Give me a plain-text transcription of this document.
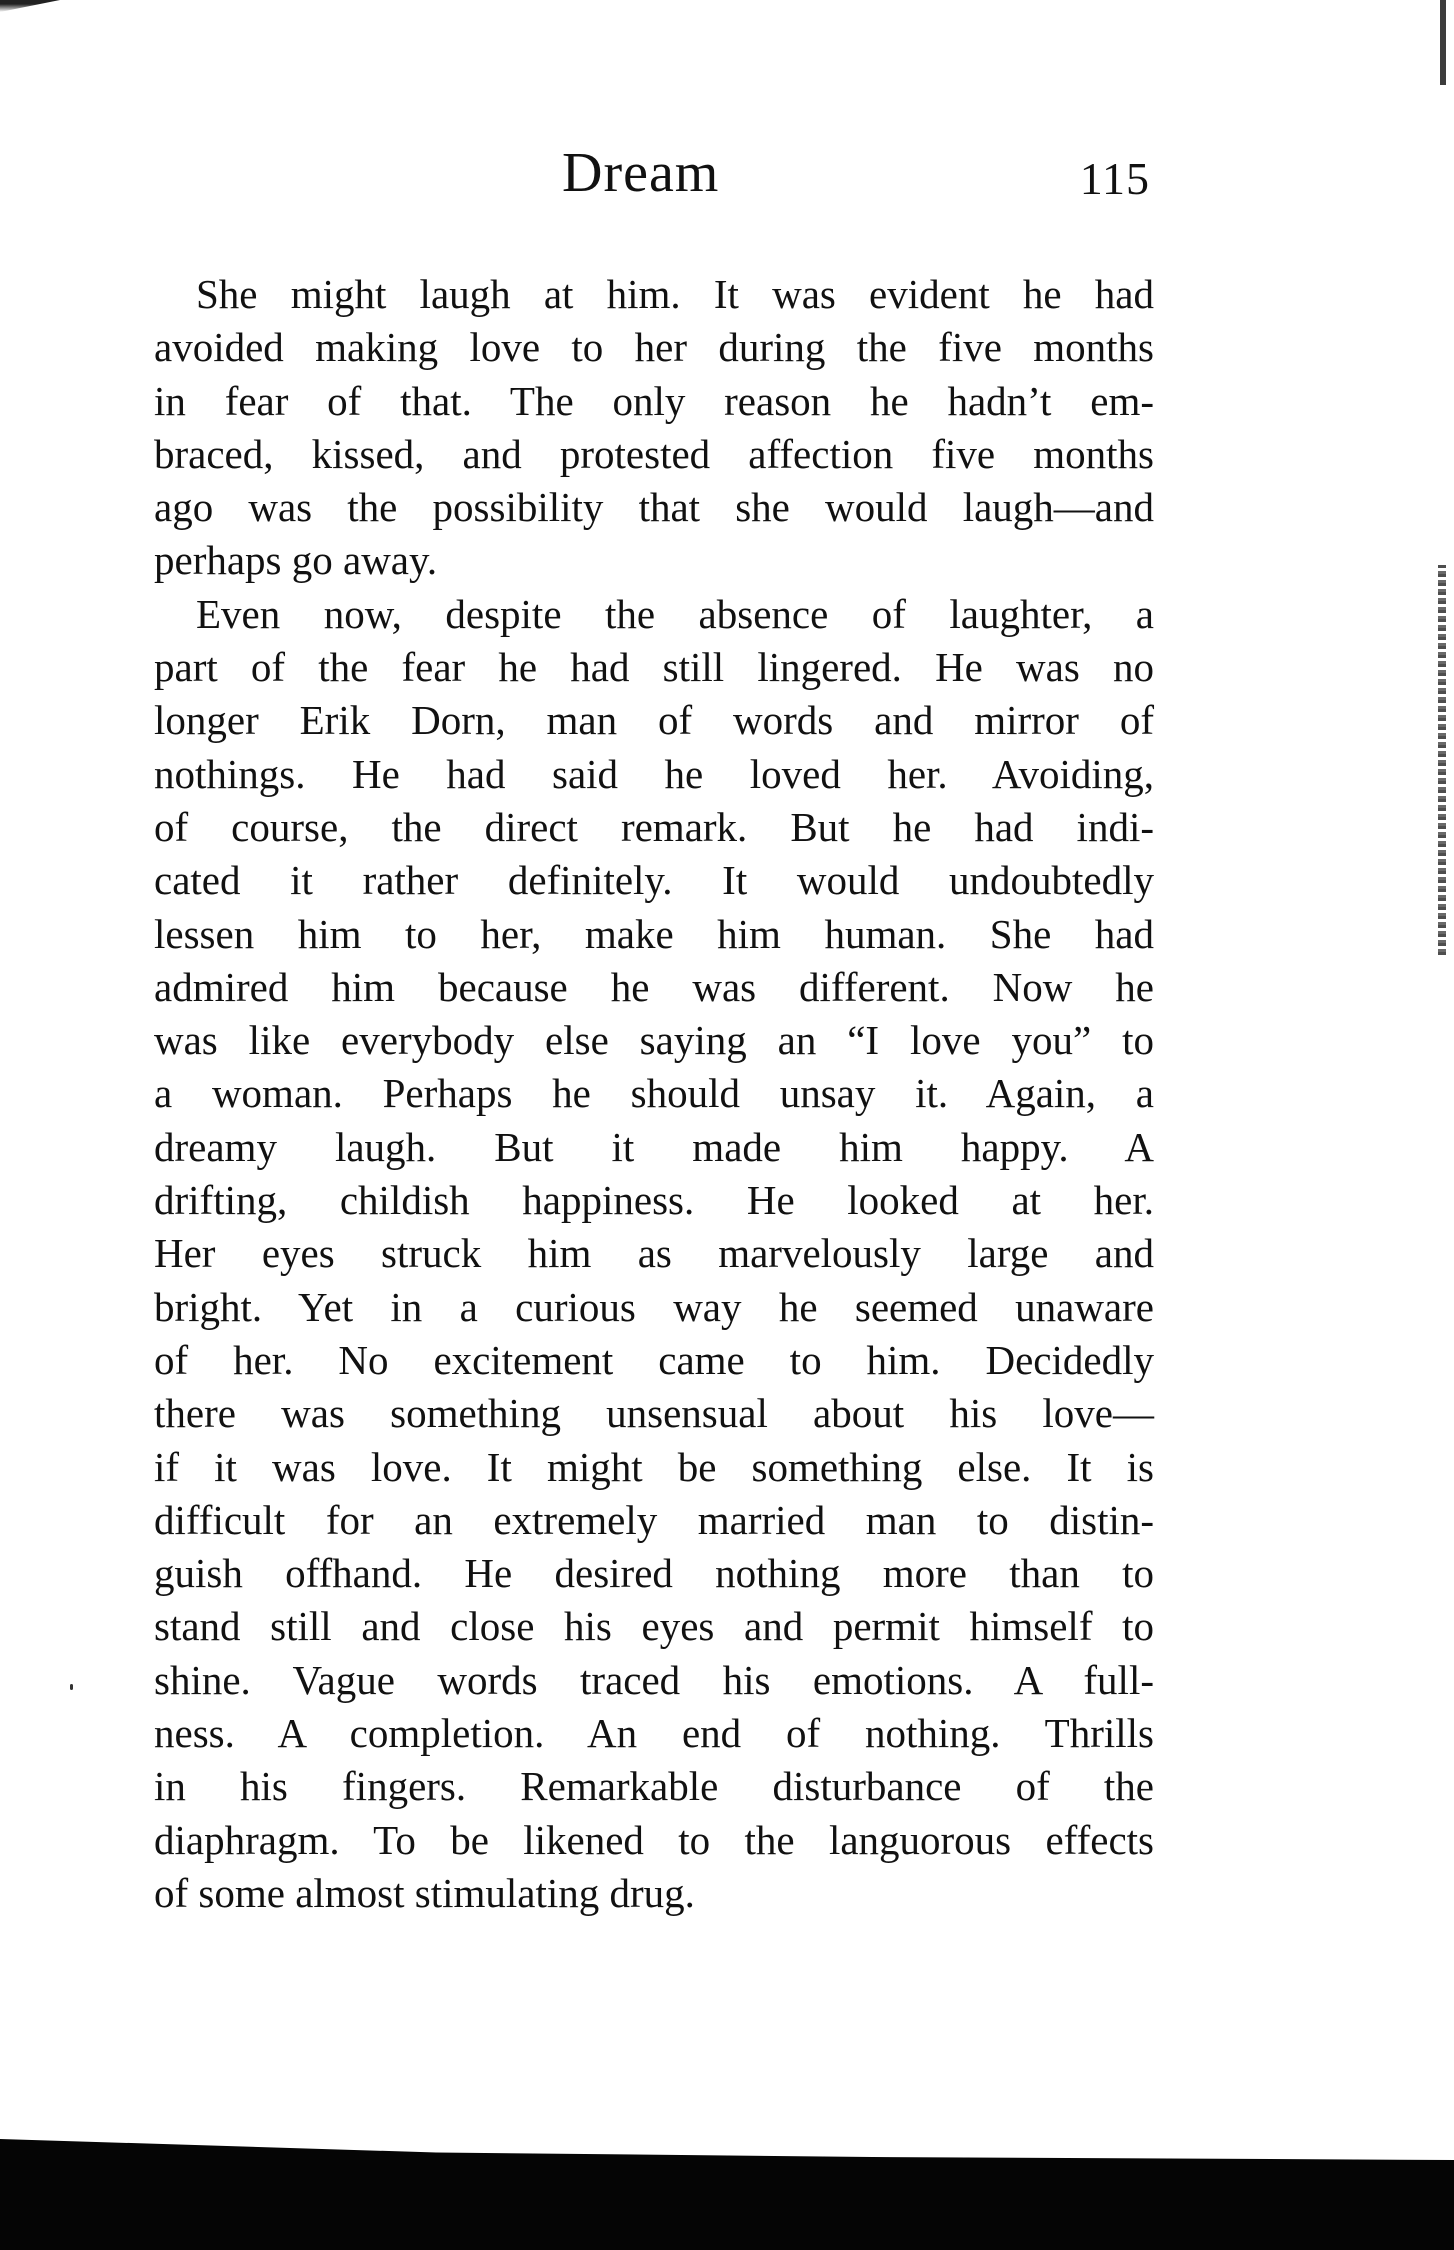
Dream	115
She might laugh at him. It was evident he had
avoided making love to her during the five months
in fear of that. The only reason he hadn’t em-
braced, kissed, and protested affection five months
ago was the possibility that she would laugh—and
perhaps go away.
Even now, despite the absence of laughter, a
part of the fear he had still lingered. He was no
longer Erik Dorn, man of words and mirror of
nothings. He had said he loved her. Avoiding,
of course, the direct remark. But he had indi-
cated it rather definitely. It would undoubtedly
lessen him to her, make him human. She had
admired him because he was different. Now he
was like everybody else saying an “I love you” to
a woman. Perhaps he should unsay it. Again, a
dreamy laugh. But it made him happy. A
drifting, childish happiness. He looked at her.
Her eyes struck him as marvelously large and
bright. Yet in a curious way he seemed unaware
of her. No excitement came to him. Decidedly
there was something unsensual about his love—
if it was love. It might be something else. It is
difficult for an extremely married man to distin-
guish offhand. He desired nothing more than to
stand still and close his eyes and permit himself to
shine. Vague words traced his emotions. A full-
ness. A completion. An end of nothing. Thrills
in his fingers. Remarkable disturbance of the
diaphragm. To be likened to the languorous effects
of some almost stimulating drug.
